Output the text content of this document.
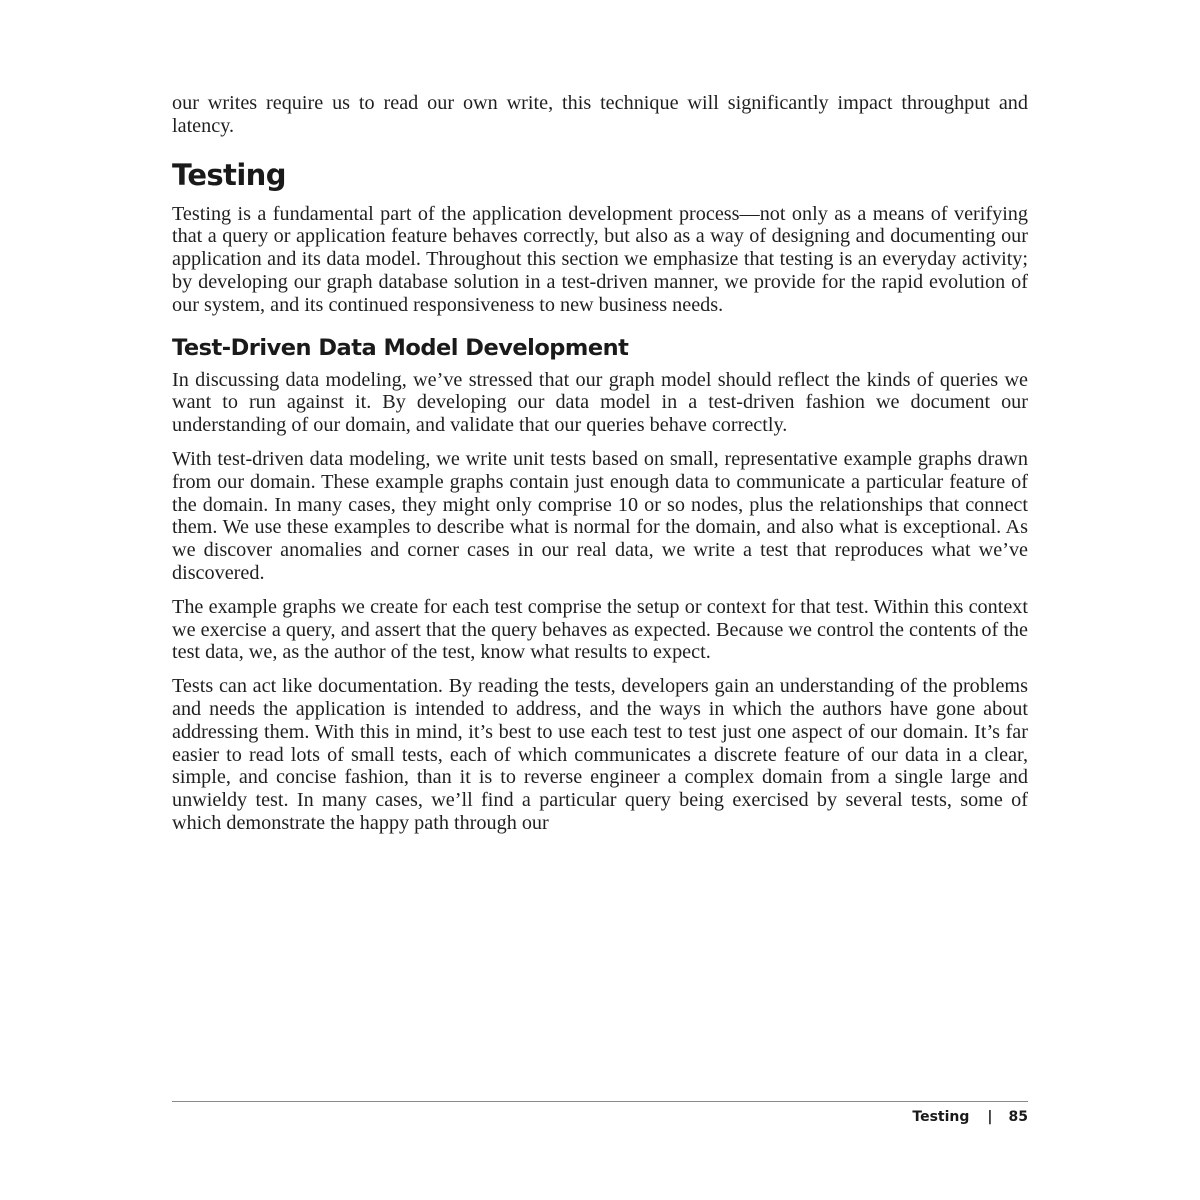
our writes require us to read our own write, this technique will significantly impact throughput and latency.

Testing

Testing is a fundamental part of the application development process—not only as a means of verifying that a query or application feature behaves correctly, but also as a way of designing and documenting our application and its data model. Throughout this section we emphasize that testing is an everyday activity; by developing our graph database solution in a test-driven manner, we provide for the rapid evolution of our system, and its continued responsiveness to new business needs.

Test-Driven Data Model Development

In discussing data modeling, we’ve stressed that our graph model should reflect the kinds of queries we want to run against it. By developing our data model in a test-driven fashion we document our understanding of our domain, and validate that our queries behave correctly.

With test-driven data modeling, we write unit tests based on small, representative example graphs drawn from our domain. These example graphs contain just enough data to communicate a particular feature of the domain. In many cases, they might only comprise 10 or so nodes, plus the relationships that connect them. We use these examples to describe what is normal for the domain, and also what is exceptional. As we discover anomalies and corner cases in our real data, we write a test that reproduces what we’ve discovered.

The example graphs we create for each test comprise the setup or context for that test. Within this context we exercise a query, and assert that the query behaves as expected. Because we control the contents of the test data, we, as the author of the test, know what results to expect.

Tests can act like documentation. By reading the tests, developers gain an understanding of the problems and needs the application is intended to address, and the ways in which the authors have gone about addressing them. With this in mind, it’s best to use each test to test just one aspect of our domain. It’s far easier to read lots of small tests, each of which communicates a discrete feature of our data in a clear, simple, and concise fashion, than it is to reverse engineer a complex domain from a single large and unwieldy test. In many cases, we’ll find a particular query being exercised by several tests, some of which demonstrate the happy path through our

Testing | 85
